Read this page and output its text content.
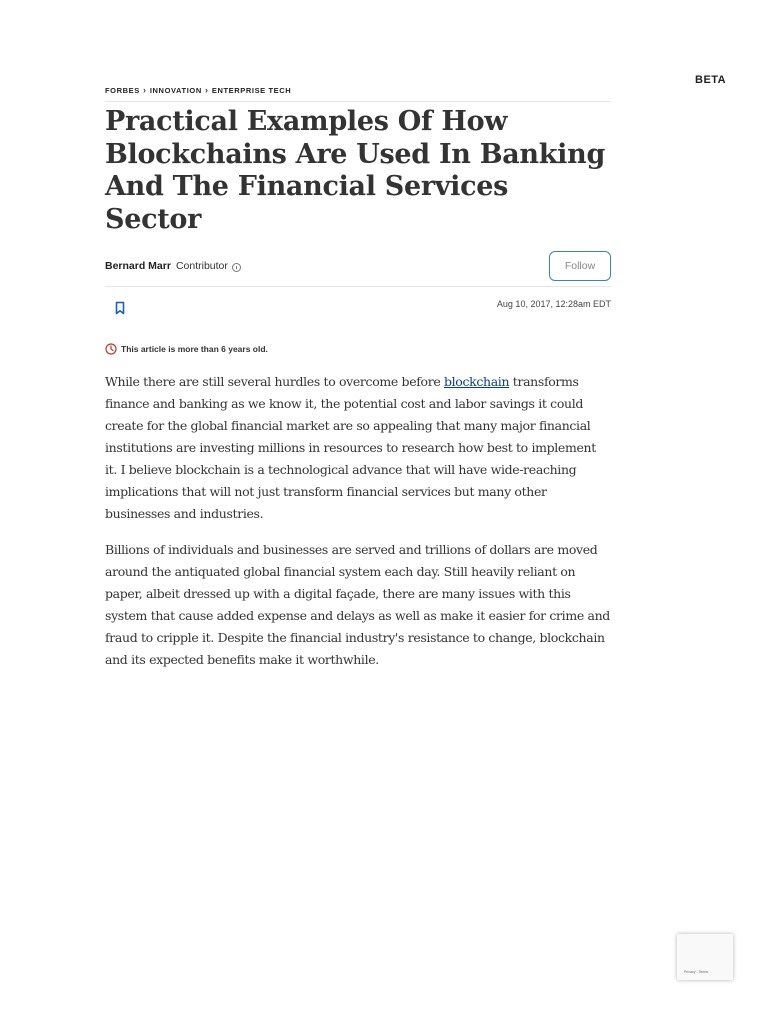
BETA
FORBES › INNOVATION › ENTERPRISE TECH
Practical Examples Of How Blockchains Are Used In Banking And The Financial Services Sector
Bernard Marr Contributor	Follow
Aug 10, 2017, 12:28am EDT
This article is more than 6 years old.

While there are still several hurdles to overcome before blockchain transforms finance and banking as we know it, the potential cost and labor savings it could create for the global financial market are so appealing that many major financial institutions are investing millions in resources to research how best to implement it. I believe blockchain is a technological advance that will have wide-reaching implications that will not just transform financial services but many other businesses and industries.

Billions of individuals and businesses are served and trillions of dollars are moved around the antiquated global financial system each day. Still heavily reliant on paper, albeit dressed up with a digital façade, there are many issues with this system that cause added expense and delays as well as make it easier for crime and fraud to cripple it. Despite the financial industry's resistance to change, blockchain and its expected benefits make it worthwhile.

Privacy - Terms
